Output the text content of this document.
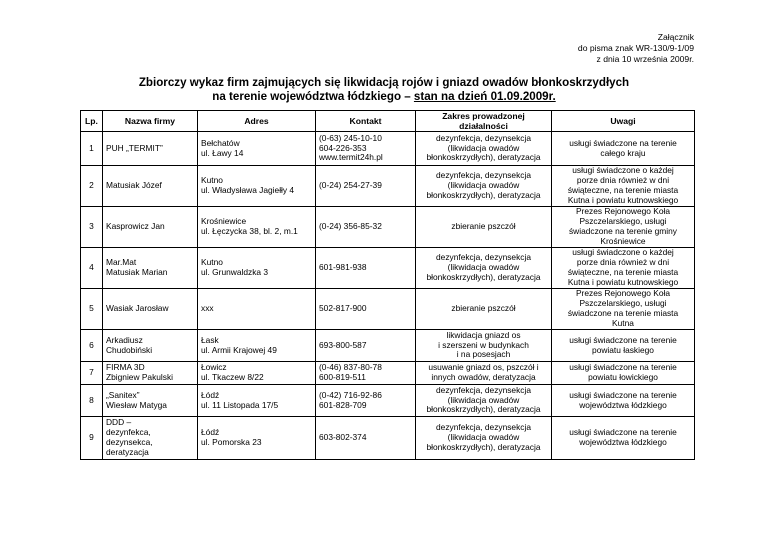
Załącznik
do pisma znak WR-130/9-1/09
z dnia 10 września 2009r.
Zbiorczy wykaz firm zajmujących się likwidacją rojów i gniazd owadów błonkoskrzydłych
na terenie województwa łódzkiego – stan na dzień 01.09.2009r.
Lp.	Nazwa firmy	Adres	Kontakt	Zakres prowadzonej działalności	Uwagi
1	PUH „TERMIT”	Bełchatów
ul. Ławy 14	(0-63) 245-10-10
604-226-353
www.termit24h.pl	dezynfekcja, dezynsekcja
(likwidacja owadów
błonkoskrzydłych), deratyzacja	usługi świadczone na terenie
całego kraju
2	Matusiak Józef	Kutno
ul. Władysława Jagiełły 4	(0-24) 254-27-39	dezynfekcja, dezynsekcja
(likwidacja owadów
błonkoskrzydłych), deratyzacja	usługi świadczone o każdej
porze dnia również w dni
świąteczne, na terenie miasta
Kutna i powiatu kutnowskiego
3	Kasprowicz Jan	Krośniewice
ul. Łęczycka 38, bl. 2, m.1	(0-24) 356-85-32	zbieranie pszczół	Prezes Rejonowego Koła
Pszczelarskiego, usługi
świadczone na terenie gminy
Krośniewice
4	Mar.Mat
Matusiak Marian	Kutno
ul. Grunwaldzka 3	601-981-938	dezynfekcja, dezynsekcja
(likwidacja owadów
błonkoskrzydłych), deratyzacja	usługi świadczone o każdej
porze dnia również w dni
świąteczne, na terenie miasta
Kutna i powiatu kutnowskiego
5	Wasiak Jarosław	xxx	502-817-900	zbieranie pszczół	Prezes Rejonowego Koła
Pszczelarskiego, usługi
świadczone na terenie miasta
Kutna
6	Arkadiusz
Chudobiński	Łask
ul. Armii Krajowej 49	693-800-587	likwidacja gniazd os
i szerszeni w budynkach
i na posesjach	usługi świadczone na terenie
powiatu łaskiego
7	FIRMA 3D
Zbigniew Pakulski	Łowicz
ul. Tkaczew 8/22	(0-46) 837-80-78
600-819-511	usuwanie gniazd os, pszczół i
innych owadów, deratyzacja	usługi świadczone na terenie
powiatu łowickiego
8	„Sanitex”
Wiesław Matyga	Łódź
ul. 11 Listopada 17/5	(0-42) 716-92-86
601-828-709	dezynfekcja, dezynsekcja
(likwidacja owadów
błonkoskrzydłych), deratyzacja	usługi świadczone na terenie
województwa łódzkiego
9	DDD –
dezynfekca,
dezynsekca,
deratyzacja	Łódź
ul. Pomorska 23	603-802-374	dezynfekcja, dezynsekcja
(likwidacja owadów
błonkoskrzydłych), deratyzacja	usługi świadczone na terenie
województwa łódzkiego
